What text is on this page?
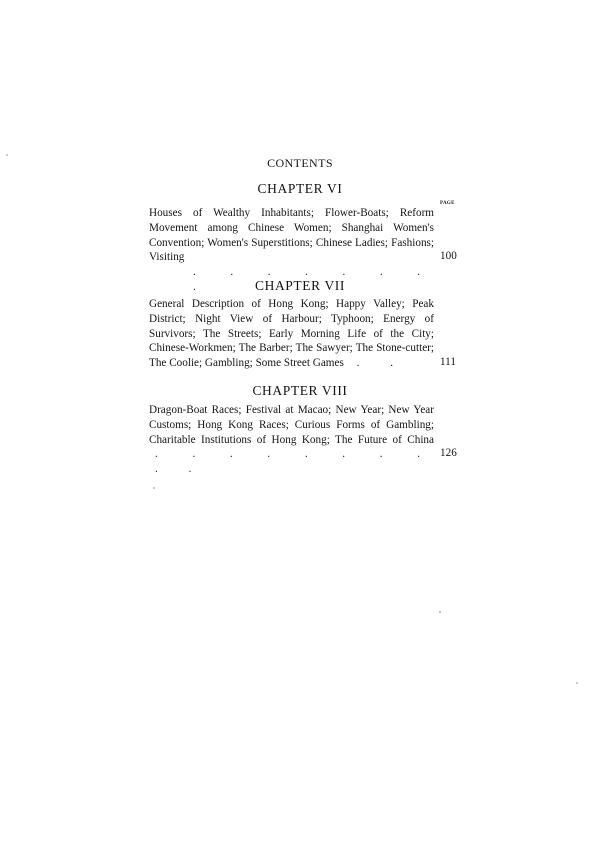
CONTENTS
CHAPTER VI
PAGE
Houses of Wealthy Inhabitants; Flower-Boats; Reform Movement among Chinese Women; Shanghai Women's Convention; Women's Superstitions; Chinese Ladies; Fashions; Visiting . . . . . . . .
100
CHAPTER VII
General Description of Hong Kong; Happy Valley; Peak District; Night View of Harbour; Typhoon; Energy of Survivors; The Streets; Early Morning Life of the City; Chinese-Workmen; The Barber; The Sawyer; The Stone-cutter; The Coolie; Gambling; Some Street Games . .	111
CHAPTER VIII
Dragon-Boat Races; Festival at Macao; New Year; New Year Customs; Hong Kong Races; Curious Forms of Gambling; Charitable Institutions of Hong Kong; The Future of China . . . . . . . . . .
126
